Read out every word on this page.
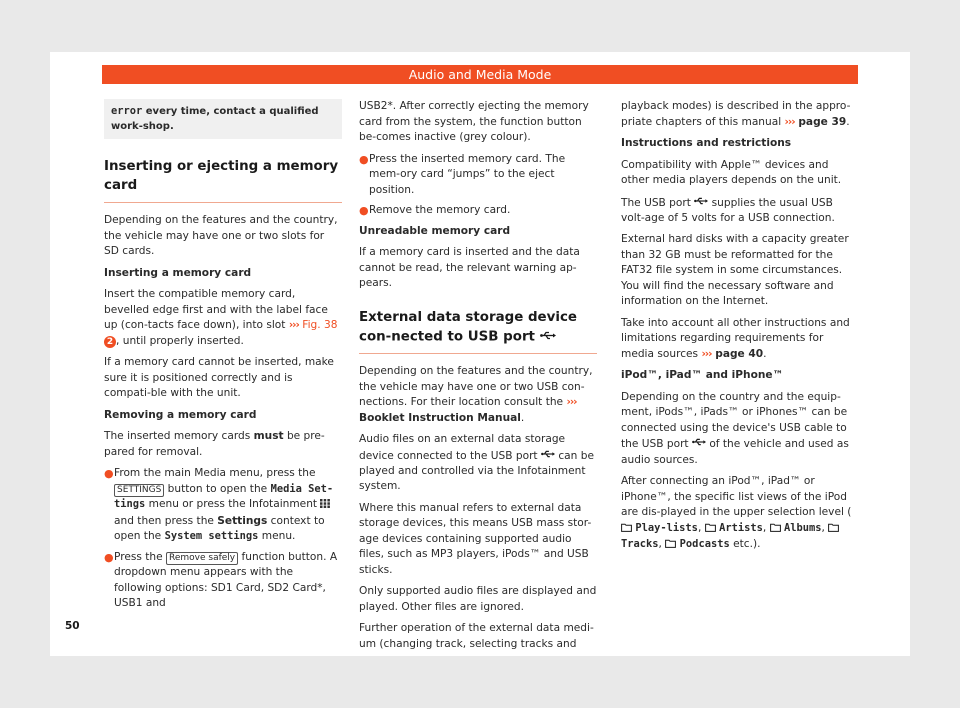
Audio and Media Mode
error every time, contact a qualified work-shop.
Inserting or ejecting a memory card

Depending on the features and the country, the vehicle may have one or two slots for SD cards.

Inserting a memory card

Insert the compatible memory card, bevelled edge first and with the label face up (con-tacts face down), into slot ››› Fig. 38 2 , until properly inserted.

If a memory card cannot be inserted, make sure it is positioned correctly and is compati-ble with the unit.

Removing a memory card

The inserted memory cards must be pre-pared for removal.

● From the main Media menu, press the SETTINGS button to open the Media Set-tings menu or press the Infotainment  and then press the Settings context to open the System settings menu.
● Press the Remove safely function button. A dropdown menu appears with the following options: SD1 Card, SD2 Card*, USB1 and

USB2*. After correctly ejecting the memory card from the system, the function button be-comes inactive (grey colour).

● Press the inserted memory card. The mem-ory card “jumps” to the eject position.
● Remove the memory card.

Unreadable memory card

If a memory card is inserted and the data cannot be read, the relevant warning ap-pears.

External data storage device con-nected to USB port

Depending on the features and the country, the vehicle may have one or two USB con-nections. For their location consult the ››› Booklet Instruction Manual.

Audio files on an external data storage device connected to the USB port  can be played and controlled via the Infotainment system.

Where this manual refers to external data storage devices, this means USB mass stor-age devices containing supported audio files, such as MP3 players, iPods™ and USB sticks.

Only supported audio files are displayed and played. Other files are ignored.

Further operation of the external data medi-um (changing track, selecting tracks and

playback modes) is described in the appro-priate chapters of this manual ››› page 39.

Instructions and restrictions

Compatibility with Apple™ devices and other media players depends on the unit.

The USB port  supplies the usual USB volt-age of 5 volts for a USB connection.

External hard disks with a capacity greater than 32 GB must be reformatted for the FAT32 file system in some circumstances. You will find the necessary software and information on the Internet.

Take into account all other instructions and limitations regarding requirements for media sources ››› page 40.

iPod™, iPad™ and iPhone™

Depending on the country and the equip-ment, iPods™, iPads™ or iPhones™ can be connected using the device's USB cable to the USB port  of the vehicle and used as audio sources.

After connecting an iPod™, iPad™ or iPhone™, the specific list views of the iPod are dis-played in the upper selection level ( Play-lists,  Artists,  Albums,  Tracks,  Podcasts etc.).

50
